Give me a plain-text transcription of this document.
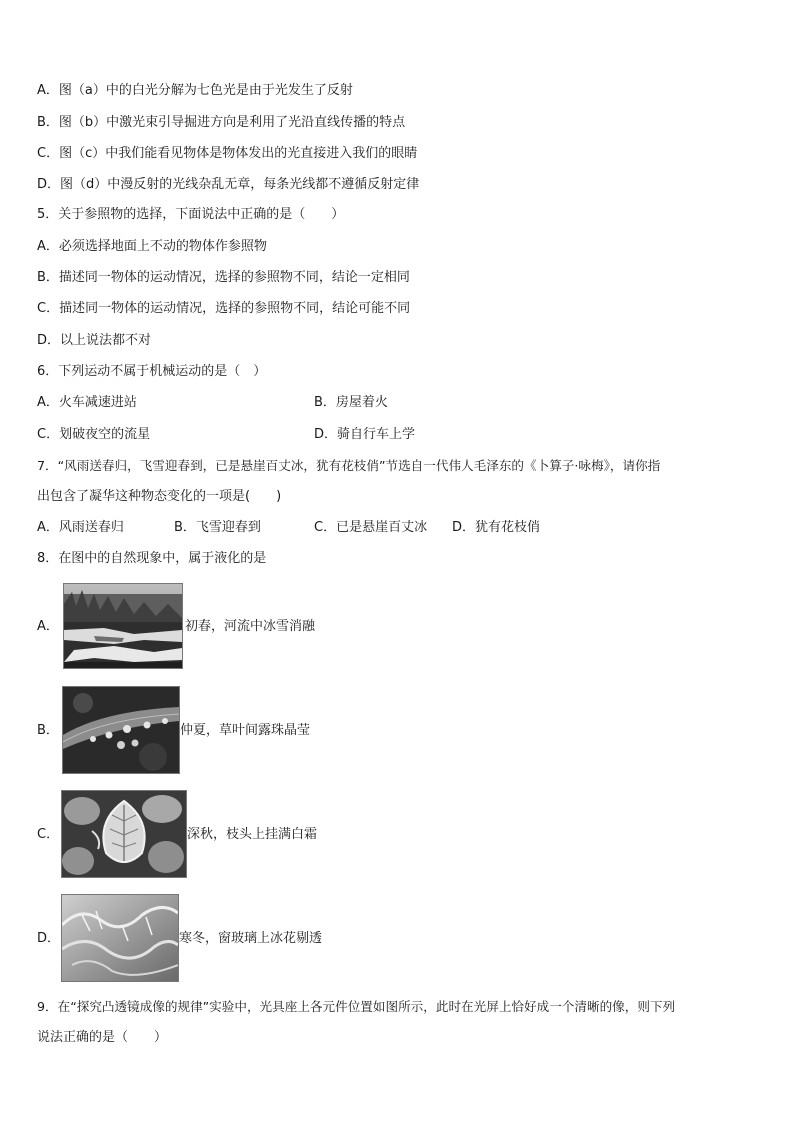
A．图（a）中的白光分解为七色光是由于光发生了反射
B．图（b）中激光束引导掘进方向是利用了光沿直线传播的特点
C．图（c）中我们能看见物体是物体发出的光直接进入我们的眼睛
D．图（d）中漫反射的光线杂乱无章，每条光线都不遵循反射定律
5．关于参照物的选择，下面说法中正确的是（　　）
A．必须选择地面上不动的物体作参照物
B．描述同一物体的运动情况，选择的参照物不同，结论一定相同
C．描述同一物体的运动情况，选择的参照物不同，结论可能不同
D．以上说法都不对
6．下列运动不属于机械运动的是（　）
A．火车减速进站	B．房屋着火
C．划破夜空的流星	D．骑自行车上学
7．“风雨送春归，飞雪迎春到，已是悬崖百丈冰，犹有花枝俏”节选自一代伟人毛泽东的《卜算子·咏梅》，请你指
出包含了凝华这种物态变化的一项是(　　)
A．风雨送春归	B．飞雪迎春到	C．已是悬崖百丈冰 D．犹有花枝俏
8．在图中的自然现象中，属于液化的是
A．	初春，河流中冰雪消融
B．	仲夏，草叶间露珠晶莹
C．	深秋，枝头上挂满白霜
D．	寒冬，窗玻璃上冰花剔透
9．在“探究凸透镜成像的规律”实验中，光具座上各元件位置如图所示，此时在光屏上恰好成一个清晰的像，则下列
说法正确的是（　　）
